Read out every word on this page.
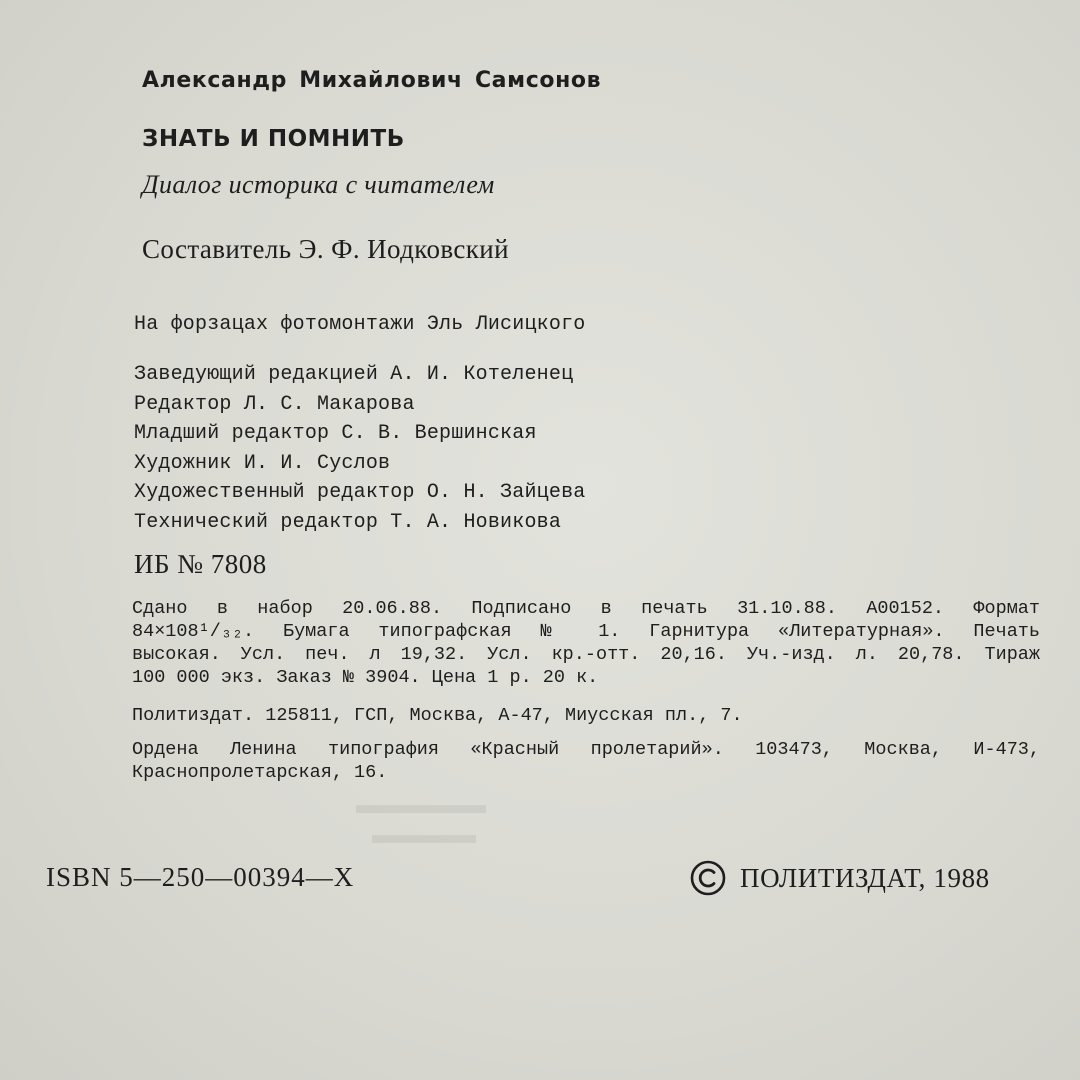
Александр Михайлович Самсонов

ЗНАТЬ И ПОМНИТЬ

Диалог историка с читателем

Составитель Э. Ф. Иодковский

На форзацах фотомонтажи Эль Лисицкого

Заведующий редакцией А. И. Котеленец
Редактор Л. С. Макарова
Младший редактор С. В. Вершинская
Художник И. И. Суслов
Художественный редактор О. Н. Зайцева
Технический редактор Т. А. Новикова

ИБ № 7808

Сдано в набор 20.06.88. Подписано в печать 31.10.88. А00152. Формат
84×108¹/₃₂. Бумага типографская № 1. Гарнитура «Литературная». Печать
высокая. Усл. печ. л 19,32. Усл. кр.-отт. 20,16. Уч.-изд. л. 20,78. Тираж
100 000 экз. Заказ № 3904. Цена 1 р. 20 к.
Политиздат. 125811, ГСП, Москва, А-47, Миусская пл., 7.
Ордена Ленина типография «Красный пролетарий». 103473, Москва, И-473,
Краснопролетарская, 16.
▬▬▬▬▬
▬▬▬▬

ISBN 5—250—00394—X	ПОЛИТИЗДАТ, 1988
